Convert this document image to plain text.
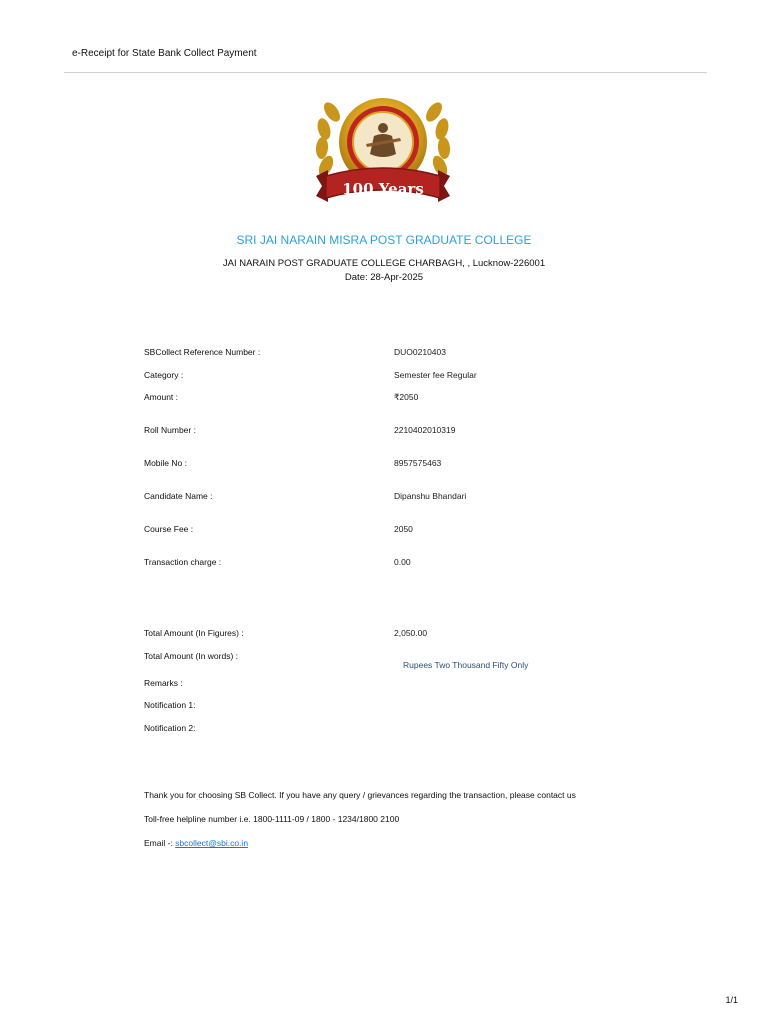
e-Receipt for State Bank Collect Payment
100 Years
SRI JAI NARAIN MISRA POST GRADUATE COLLEGE
JAI NARAIN POST GRADUATE COLLEGE CHARBAGH, , Lucknow-226001
Date: 28-Apr-2025
SBCollect Reference Number :	DUO0210403
Category :	Semester fee Regular
Amount :	₹2050
Roll Number :	2210402010319
Mobile No :	8957575463
Candidate Name :	Dipanshu Bhandari
Course Fee :	2050
Transaction charge :	0.00
Total Amount (In Figures) :	2,050.00
Total Amount (In words) :
Rupees Two Thousand Fifty Only
Remarks :
Notification 1:
Notification 2:
Thank you for choosing SB Collect. If you have any query / grievances regarding the transaction, please contact us
Toll-free helpline number i.e. 1800-1111-09 / 1800 - 1234/1800 2100
Email -: sbcollect@sbi.co.in
1/1
